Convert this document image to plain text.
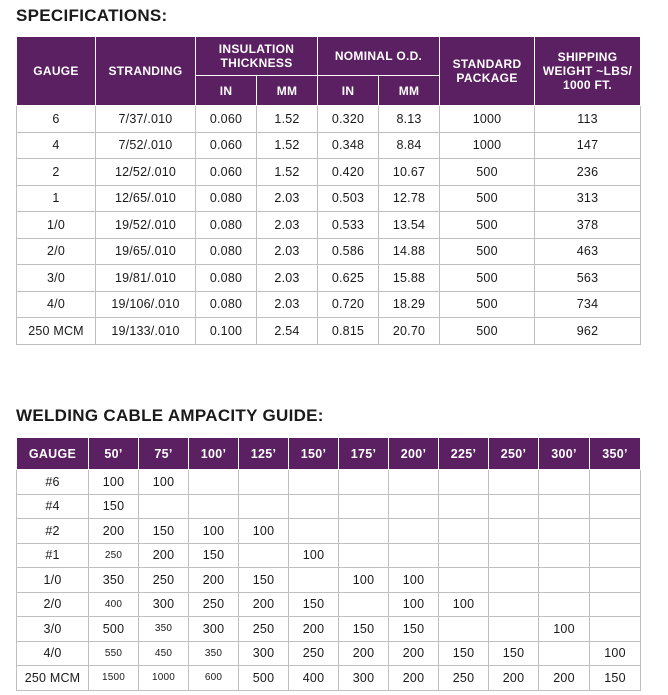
SPECIFICATIONS:
GAUGE	STRANDING	INSULATION THICKNESS		NOMINAL O.D.		STANDARD PACKAGE	SHIPPING WEIGHT ~LBS/ 1000 FT.
		IN	MM	IN	MM		
6	7/37/.010	0.060	1.52	0.320	8.13	1000	113
4	7/52/.010	0.060	1.52	0.348	8.84	1000	147
2	12/52/.010	0.060	1.52	0.420	10.67	500	236
1	12/65/.010	0.080	2.03	0.503	12.78	500	313
1/0	19/52/.010	0.080	2.03	0.533	13.54	500	378
2/0	19/65/.010	0.080	2.03	0.586	14.88	500	463
3/0	19/81/.010	0.080	2.03	0.625	15.88	500	563
4/0	19/106/.010	0.080	2.03	0.720	18.29	500	734
250 MCM	19/133/.010	0.100	2.54	0.815	20.70	500	962
WELDING CABLE AMPACITY GUIDE:
GAUGE	50’	75’	100’	125’	150’	175’	200’	225’	250’	300’	350’
#6	100	100									
#4	150										
#2	200	150	100	100							
#1	250	200	150		100						
1/0	350	250	200	150		100	100				
2/0	400	300	250	200	150		100	100			
3/0	500	350	300	250	200	150	150			100	
4/0	550	450	350	300	250	200	200	150	150		100
250 MCM	1500	1000	600	500	400	300	200	250	200	200	150
